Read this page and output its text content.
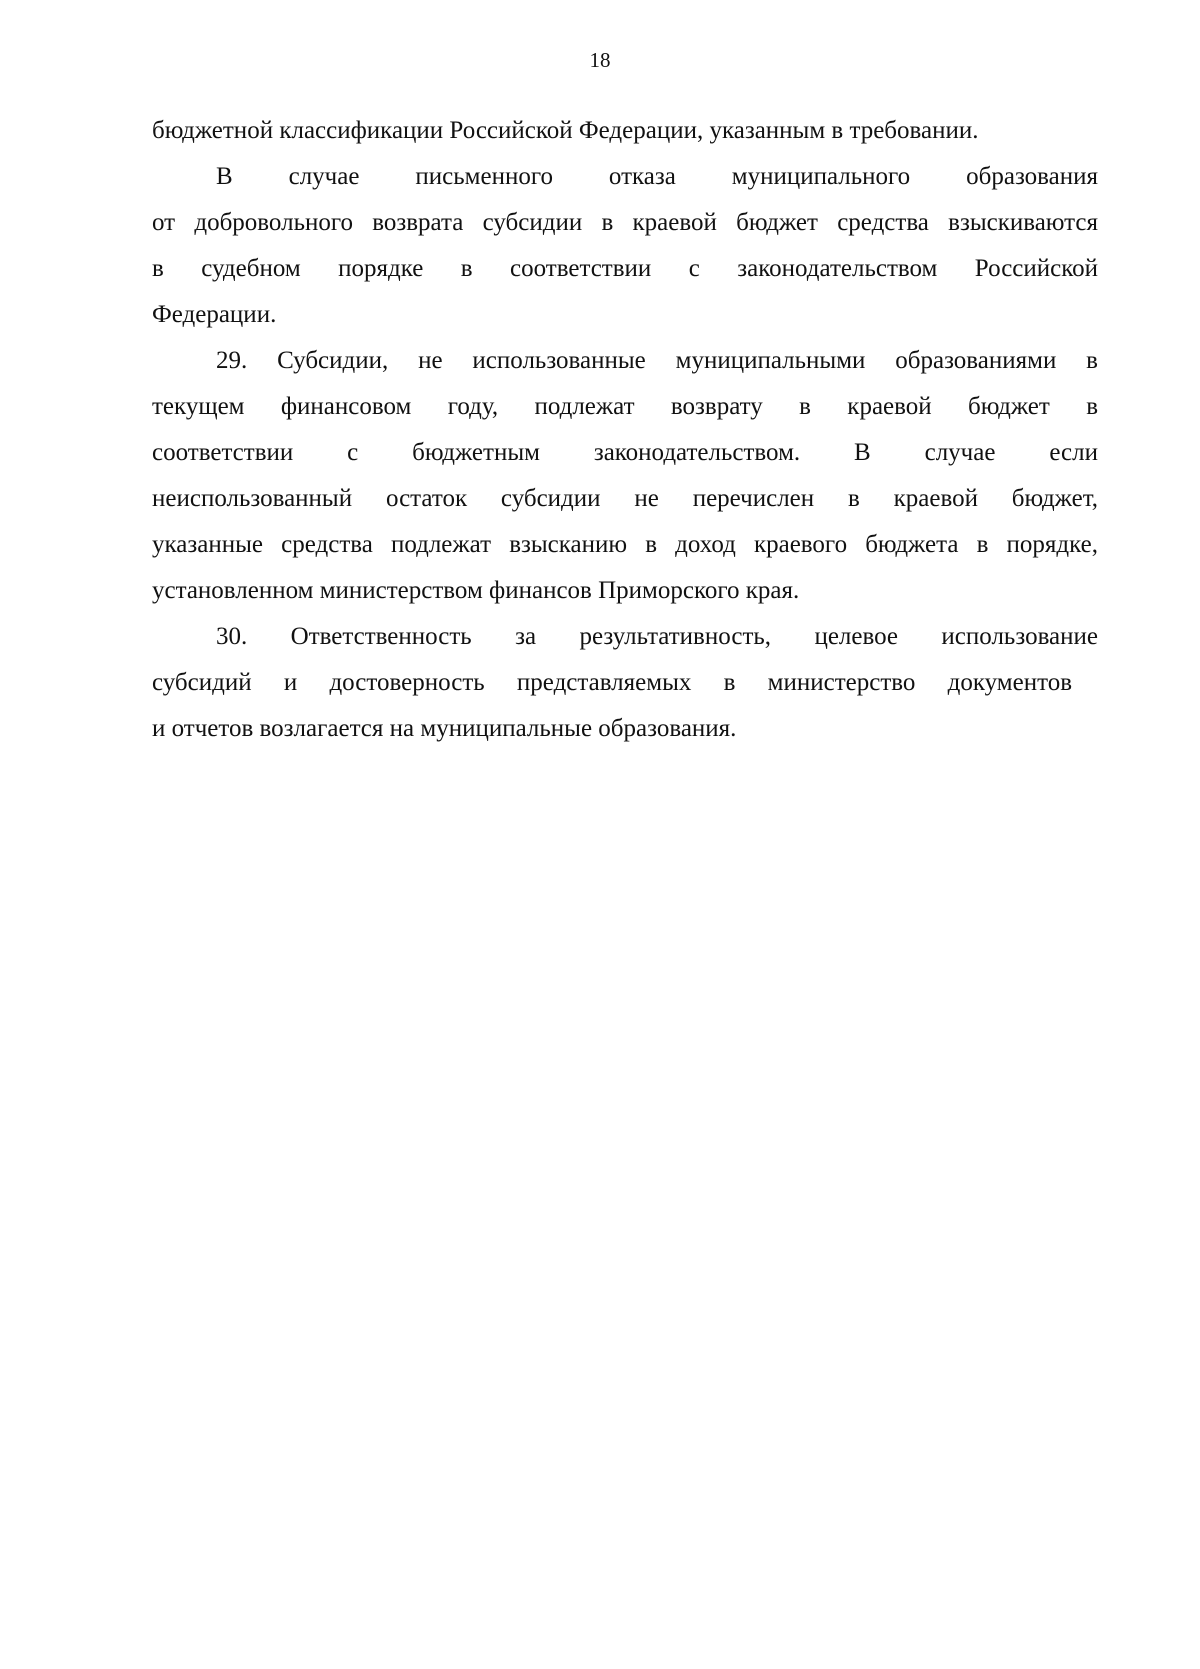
18

бюджетной классификации Российской Федерации, указанным в требовании.

В случае письменного отказа муниципального образования
от добровольного возврата субсидии в краевой бюджет средства взыскиваются
в судебном порядке в соответствии с законодательством Российской
Федерации.

29. Субсидии, не использованные муниципальными образованиями в
текущем финансовом году, подлежат возврату в краевой бюджет в
соответствии с бюджетным законодательством. В случае если
неиспользованный остаток субсидии не перечислен в краевой бюджет,
указанные средства подлежат взысканию в доход краевого бюджета в порядке,
установленном министерством финансов Приморского края.

30. Ответственность за результативность, целевое использование
субсидий и достоверность представляемых в министерство документов
и отчетов возлагается на муниципальные образования.
